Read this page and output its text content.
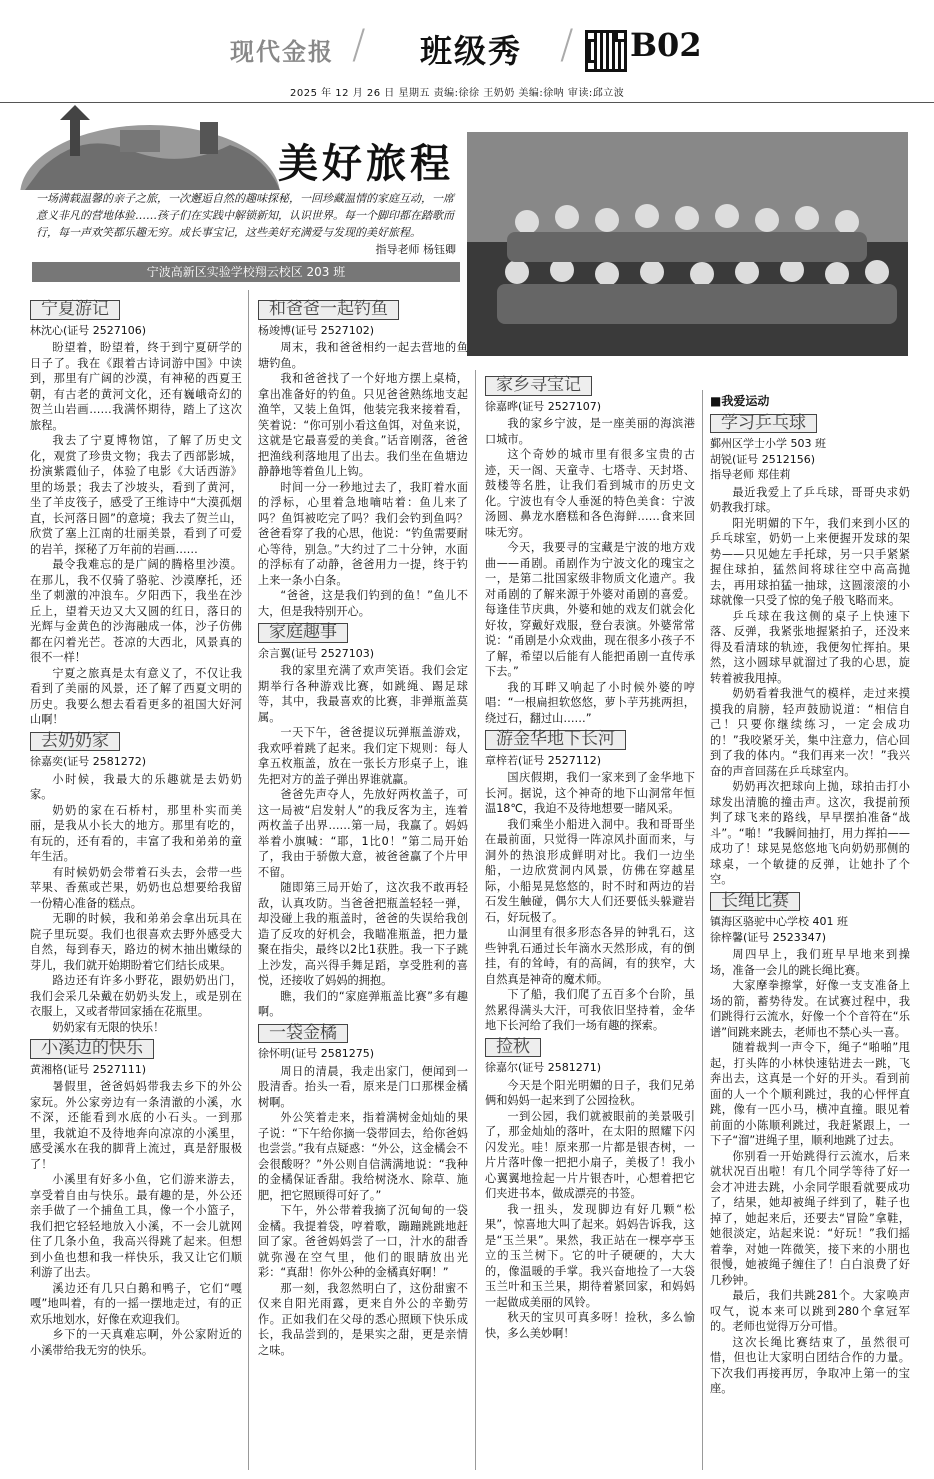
现代金报 / 班级秀 / B02
2025 年 12 月 26 日 星期五 责编:徐徐 王奶奶 美编:徐呐 审读:邱立波
美好旅程
一场满载温馨的亲子之旅，一次邂逅自然的趣味探秘，一回珍藏温情的家庭互动，一席意义非凡的营地体验……孩子们在实践中解锁新知，认识世界。每一个脚印都在踏歌而行，每一声欢笑都乐趣无穷。成长事宝记，这些美好充满爱与发现的美好旅程。
指导老师 杨钰卿
宁波高新区实验学校翔云校区 203 班
宁夏游记
林沈心(证号 2527106)

盼望着，盼望着，终于到宁夏研学的日子了。我在《跟着古诗词游中国》中读到，那里有广阔的沙漠，有神秘的西夏王朝，有古老的黄河文化，还有巍峨奇幻的贺兰山岩画……我满怀期待，踏上了这次旅程。

我去了宁夏博物馆，了解了历史文化，观赏了珍贵文物；我去了西部影城，扮演紫霞仙子，体验了电影《大话西游》里的场景；我去了沙坡头，看到了黄河，坐了羊皮筏子，感受了王维诗中“大漠孤烟直，长河落日圆”的意境；我去了贺兰山，欣赏了塞上江南的壮丽美景，看到了可爱的岩羊，探秘了万年前的岩画……

最令我难忘的是广阔的腾格里沙漠。在那儿，我不仅骑了骆驼、沙漠摩托，还坐了刺激的冲浪车。夕阳西下，我坐在沙丘上，望着天边又大又圆的红日，落日的光辉与金黄色的沙海融成一体，沙子仿佛都在闪着光芒。苍凉的大西北，风景真的很不一样！

宁夏之旅真是太有意义了，不仅让我看到了美丽的风景，还了解了西夏文明的历史。我要么想去看看更多的祖国大好河山啊！

去奶奶家
徐嘉奕(证号 2581272)

小时候，我最大的乐趣就是去奶奶家。

奶奶的家在石桥村，那里朴实而美丽，是我从小长大的地方。那里有吃的，有玩的，还有看的，丰富了我和弟弟的童年生活。

有时候奶奶会带着石头去，会带一些苹果、香蕉或芒果，奶奶也总想要给我留一份精心准备的糕点。

无聊的时候，我和弟弟会拿出玩具在院子里玩耍。我们也很喜欢去野外感受大自然，每到春天，路边的树木抽出嫩绿的芽儿，我们就开始期盼着它们结长成果。

路边还有许多小野花，跟奶奶出门，我们会采几朵戴在奶奶头发上，或是别在衣服上，又或者带回家插在花瓶里。

奶奶家有无限的快乐！

小溪边的快乐
黄湘格(证号 2527111)

暑假里，爸爸妈妈带我去乡下的外公家玩。外公家旁边有一条清澈的小溪，水不深，还能看到水底的小石头。一到那里，我就迫不及待地奔向凉凉的小溪里，感受溪水在我的脚背上流过，真是舒服极了！

小溪里有好多小鱼，它们游来游去，享受着自由与快乐。最有趣的是，外公还亲手做了一个捕鱼工具，像一个小篮子，我们把它轻轻地放入小溪，不一会儿就网住了几条小鱼，我高兴得跳了起来。但想到小鱼也想和我一样快乐，我又让它们顺利游了出去。

溪边还有几只白鹅和鸭子，它们“嘎嘎”地叫着，有的一摇一摆地走过，有的正欢乐地划水，好像在欢迎我们。

乡下的一天真难忘啊，外公家附近的小溪带给我无穷的快乐。

和爸爸一起钓鱼
杨竣博(证号 2527102)

周末，我和爸爸相约一起去营地的鱼塘钓鱼。

我和爸爸找了一个好地方摆上桌椅，拿出准备好的钓鱼。只见爸爸熟练地支起渔竿，又装上鱼饵，他装完我来接着看，笑着说：“你可别小看这鱼饵，对鱼来说，这就是它最喜爱的美食。”话音刚落，爸爸把渔线利落地甩了出去。我们坐在鱼塘边静静地等着鱼儿上钩。

时间一分一秒地过去了，我盯着水面的浮标，心里着急地嘀咕着：鱼儿来了吗？鱼饵被吃完了吗？我们会钓到鱼吗？爸爸看穿了我的心思，他说：“钓鱼需要耐心等待，别急。”大约过了二十分钟，水面的浮标有了动静，爸爸用力一提，终于钓上来一条小白条。

“爸爸，这是我们钓到的鱼！”鱼儿不大，但是我特别开心。

家庭趣事
余言翼(证号 2527103)

我的家里充满了欢声笑语。我们会定期举行各种游戏比赛，如跳绳、踢足球等，其中，我最喜欢的比赛，非弹瓶盖莫属。

一天下午，爸爸提议玩弹瓶盖游戏，我欢呼着跳了起来。我们定下规则：每人拿五枚瓶盖，放在一张长方形桌子上，谁先把对方的盖子弹出界谁就赢。

爸爸先声夺人，先放好两枚盖子，可这一局被“启发射人”的我反客为主，连着两枚盖子出界……第一局，我赢了。妈妈举着小旗喊：“耶，1比0！”第二局开始了，我由于骄傲大意，被爸爸赢了个片甲不留。

随即第三局开始了，这次我不敢再轻敌，认真攻防。当爸爸把瓶盖轻轻一弹，却没碰上我的瓶盖时，爸爸的失误给我创造了反攻的好机会，我瞄准瓶盖，把力量聚在指尖，最终以2比1获胜。我一下子跳上沙发，高兴得手舞足蹈，享受胜利的喜悦，还接收了妈妈的拥抱。

瞧，我们的“家庭弹瓶盖比赛”多有趣啊。

一袋金橘
徐怀明(证号 2581275)

周日的清晨，我走出家门，便闻到一股清香。抬头一看，原来是门口那棵金橘树啊。

外公笑着走来，指着满树金灿灿的果子说：“下午给你摘一袋带回去，给你爸妈也尝尝。”我有点疑惑：“外公，这金橘会不会很酸呀？”外公则自信满满地说：“我种的金橘保证香甜。我给树浇水、除草、施肥，把它照顾得可好了。”

下午，外公带着我摘了沉甸甸的一袋金橘。我提着袋，哼着歌，蹦蹦跳跳地赶回了家。爸爸妈妈尝了一口，汁水的甜香就弥漫在空气里，他们的眼睛放出光彩：“真甜！你外公种的金橘真好啊！”

那一刻，我忽然明白了，这份甜蜜不仅来自阳光雨露，更来自外公的辛勤劳作。正如我们在父母的悉心照顾下快乐成长，我品尝到的，是果实之甜，更是亲情之味。

家乡寻宝记
徐嘉晔(证号 2527107)

我的家乡宁波，是一座美丽的海滨港口城市。

这个奇妙的城市里有很多宝贵的古迹，天一阁、天童寺、七塔寺、天封塔、鼓楼等名胜，让我们看到城市的历史文化。宁波也有令人垂涎的特色美食：宁波汤圆、鼻龙水磨糕和各色海鲜……食来回味无穷。

今天，我要寻的宝藏是宁波的地方戏曲——甬剧。甬剧作为宁波文化的瑰宝之一，是第二批国家级非物质文化遗产。我对甬剧的了解来源于外婆对甬剧的喜爱。每逢佳节庆典，外婆和她的戏友们就会化好妆，穿戴好戏服，登台表演。外婆常常说：“甬剧是小众戏曲，现在很多小孩子不了解，希望以后能有人能把甬剧一直传承下去。”

我的耳畔又响起了小时候外婆的哼唱：“一根扁担软悠悠，萝卜芋艿挑两担，绕过石，翻过山……”

游金华地下长河
章梓若(证号 2527112)

国庆假期，我们一家来到了金华地下长河。据说，这个神奇的地下山洞常年恒温18℃，我迫不及待地想要一睹风采。

我们乘坐小船进入洞中。我和哥哥坐在最前面，只觉得一阵凉风扑面而来，与洞外的热浪形成鲜明对比。我们一边坐船，一边欣赏洞内风景，仿佛在穿越星际，小船晃晃悠悠的，时不时和两边的岩石发生触碰，偶尔大人们还要低头躲避岩石，好玩极了。

山洞里有很多形态各异的钟乳石，这些钟乳石通过长年滴水天然形成，有的倒挂，有的耸峙，有的高阔，有的狭窄，大自然真是神奇的魔术师。

下了船，我们爬了五百多个台阶，虽然累得满头大汗，可我依旧坚持着，金华地下长河给了我们一场有趣的探索。

捡秋
徐嘉尔(证号 2581271)

今天是个阳光明媚的日子，我们兄弟俩和妈妈一起来到了公园捡秋。

一到公园，我们就被眼前的美景吸引了，那金灿灿的落叶，在太阳的照耀下闪闪发光。哇！原来那一片都是银杏树，一片片落叶像一把把小扇子，美极了！我小心翼翼地捡起一片片银杏叶，心想着把它们夹进书本，做成漂亮的书签。

我一扭头，发现脚边有好几颗“松果”，惊喜地大叫了起来。妈妈告诉我，这是“玉兰果”。果然，我正站在一棵亭亭玉立的玉兰树下。它的叶子硬硬的，大大的，像温暖的手掌。我兴奋地捡了一大袋玉兰叶和玉兰果，期待着紧回家，和妈妈一起做成美丽的风铃。

秋天的宝贝可真多呀！捡秋，多么愉快，多么美妙啊！

■我爱运动
学习乒乓球
鄞州区学士小学 503 班
胡锐(证号 2512156)
指导老师 郑佳莉

最近我爱上了乒乓球，哥哥央求奶奶教我打球。

阳光明媚的下午，我们来到小区的乒乓球室，奶奶一上来便握开发球的架势——只见她左手托球，另一只手紧紧握住球拍，猛然间将球往空中高高抛去，再用球拍猛一抽球，这圆滚滚的小球就像一只受了惊的兔子般飞略而来。

乒乓球在我这侧的桌子上快速下落、反弹，我紧张地握紧拍子，还没来得及看清球的轨迹，我便匆忙挥拍。果然，这小圆球早就溜过了我的心思，旋转着被我甩掉。

奶奶看着我泄气的模样，走过来摸摸我的肩膀，轻声鼓励说道：“相信自己！只要你继续练习，一定会成功的！”我咬紧牙关，集中注意力，信心回到了我的体内。“我们再来一次！”我兴奋的声音回荡在乒乓球室内。

奶奶再次把球向上抛，球拍击打小球发出清脆的撞击声。这次，我提前预判了球飞来的路线，早早摆拍准备“战斗”。“啪！”我瞬间抽打，用力挥拍——成功了！球晃晃悠悠地飞向奶奶那侧的球桌，一个敏捷的反弹，让她扑了个空。

长绳比赛
镇海区骆驼中心学校 401 班
徐梓馨(证号 2523347)

周四早上，我们班早早地来到操场，准备一会儿的跳长绳比赛。

大家摩拳擦掌，好像一支支准备上场的箭，蓄势待发。在试赛过程中，我们跳得行云流水，好像一个个音符在“乐谱”间跳来跳去，老师也不禁心头一喜。

随着裁判一声令下，绳子“啪啪”甩起，打头阵的小林快速钻进去一跳，飞奔出去，这真是一个好的开头。看到前面的人一个个顺利跳过，我的心怦怦直跳，像有一匹小马，横冲直撞。眼见着前面的小陈顺利跳过，我赶紧跟上，一下子“溜”进绳子里，顺利地跳了过去。

你别看一开始跳得行云流水，后来就状况百出啦！有几个同学等待了好一会才冲进去跳，小余同学眼看就要成功了，结果，她却被绳子绊到了，鞋子也掉了，她起来后，还要去“冒险”拿鞋，她很淡定，站起来说：“好玩！”我们摇着拳，对她一阵微笑，接下来的小朋也很慢，她被绳子缠住了！白白浪费了好几秒钟。

最后，我们共跳281个。大家唤声叹气，说本来可以跳到280个拿冠军的。老师也觉得万分可惜。

这次长绳比赛结束了，虽然很可惜，但也让大家明白团结合作的力量。下次我们再接再厉，争取冲上第一的宝座。
